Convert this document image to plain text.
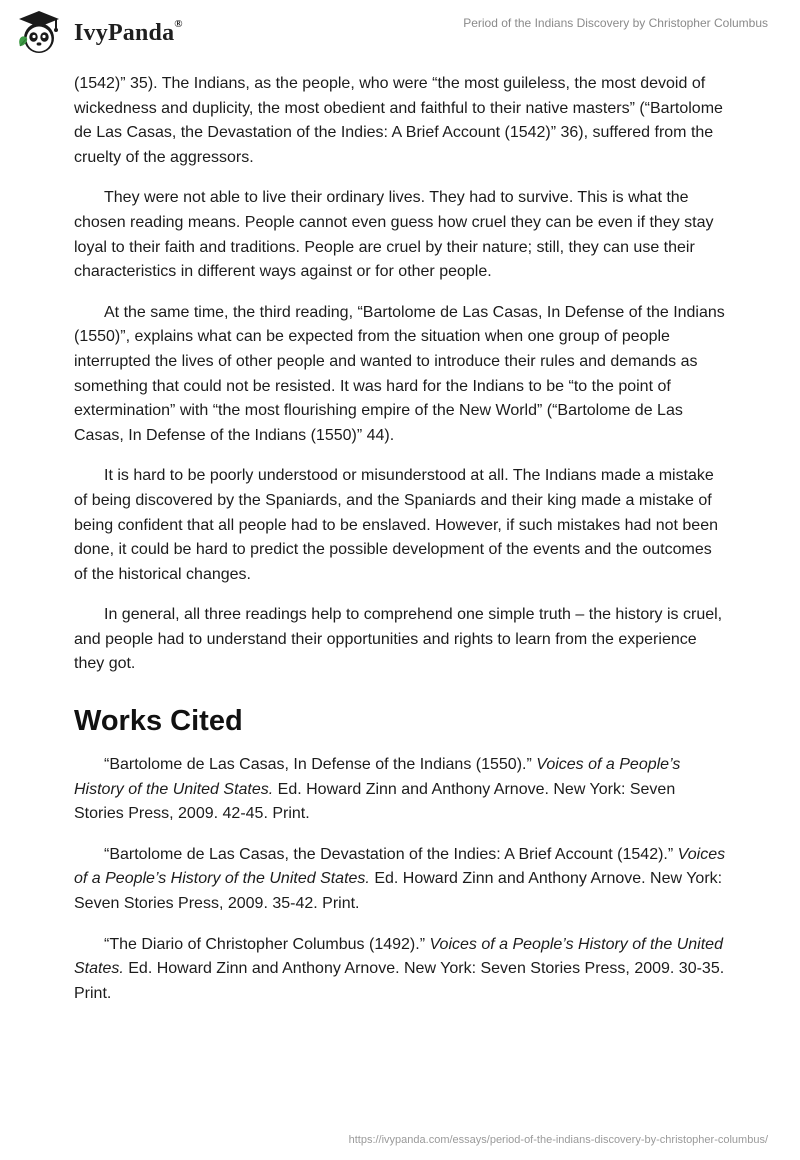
IvyPanda®	Period of the Indians Discovery by Christopher Columbus

(1542)” 35). The Indians, as the people, who were “the most guileless, the most devoid of wickedness and duplicity, the most obedient and faithful to their native masters” (“Bartolome de Las Casas, the Devastation of the Indies: A Brief Account (1542)” 36), suffered from the cruelty of the aggressors.

They were not able to live their ordinary lives. They had to survive. This is what the chosen reading means. People cannot even guess how cruel they can be even if they stay loyal to their faith and traditions. People are cruel by their nature; still, they can use their characteristics in different ways against or for other people.

At the same time, the third reading, “Bartolome de Las Casas, In Defense of the Indians (1550)”, explains what can be expected from the situation when one group of people interrupted the lives of other people and wanted to introduce their rules and demands as something that could not be resisted. It was hard for the Indians to be “to the point of extermination” with “the most flourishing empire of the New World” (“Bartolome de Las Casas, In Defense of the Indians (1550)” 44).

It is hard to be poorly understood or misunderstood at all. The Indians made a mistake of being discovered by the Spaniards, and the Spaniards and their king made a mistake of being confident that all people had to be enslaved. However, if such mistakes had not been done, it could be hard to predict the possible development of the events and the outcomes of the historical changes.

In general, all three readings help to comprehend one simple truth – the history is cruel, and people had to understand their opportunities and rights to learn from the experience they got.

Works Cited

“Bartolome de Las Casas, In Defense of the Indians (1550).” Voices of a People’s History of the United States. Ed. Howard Zinn and Anthony Arnove. New York: Seven Stories Press, 2009. 42-45. Print.

“Bartolome de Las Casas, the Devastation of the Indies: A Brief Account (1542).” Voices of a People’s History of the United States. Ed. Howard Zinn and Anthony Arnove. New York: Seven Stories Press, 2009. 35-42. Print.

“The Diario of Christopher Columbus (1492).” Voices of a People’s History of the United States. Ed. Howard Zinn and Anthony Arnove. New York: Seven Stories Press, 2009. 30-35. Print.

https://ivypanda.com/essays/period-of-the-indians-discovery-by-christopher-columbus/
